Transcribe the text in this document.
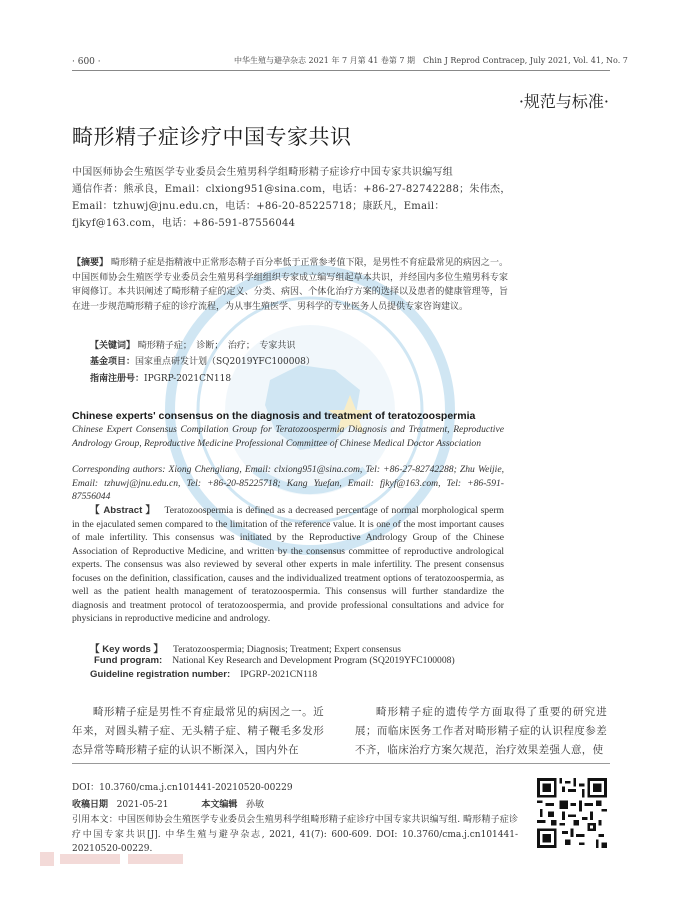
· 600 ·	中华生殖与避孕杂志 2021 年 7 月第 41 卷第 7 期　Chin J Reprod Contracep, July 2021, Vol. 41, No. 7
·规范与标准·
畸形精子症诊疗中国专家共识
中国医师协会生殖医学专业委员会生殖男科学组畸形精子症诊疗中国专家共识编写组
通信作者：熊承良，Email：clxiong951@sina.com，电话：+86-27-82742288；朱伟杰，Email：tzhuwj@jnu.edu.cn，电话：+86-20-85225718；康跃凡，Email：fjkyf@163.com，电话：+86-591-87556044
【摘要】 畸形精子症是指精液中正常形态精子百分率低于正常参考值下限，是男性不育症最常见的病因之一。中国医师协会生殖医学专业委员会生殖男科学组组织专家成立编写组起草本共识，并经国内多位生殖男科专家审阅修订。本共识阐述了畸形精子症的定义、分类、病因、个体化治疗方案的选择以及患者的健康管理等，旨在进一步规范畸形精子症的诊疗流程，为从事生殖医学、男科学的专业医务人员提供专家咨询建议。
【关键词】 畸形精子症；　诊断；　治疗；　专家共识
基金项目：国家重点研发计划（SQ2019YFC100008）
指南注册号：IPGRP-2021CN118
Chinese experts' consensus on the diagnosis and treatment of teratozoospermia
Chinese Expert Consensus Compilation Group for Teratozoospermia Diagnosis and Treatment, Reproductive Andrology Group, Reproductive Medicine Professional Committee of Chinese Medical Doctor Association
Corresponding authors: Xiong Chengliang, Email: clxiong951@sina.com, Tel: +86-27-82742288; Zhu Weijie, Email: tzhuwj@jnu.edu.cn, Tel: +86-20-85225718; Kang Yuefan, Email: fjkyf@163.com, Tel: +86-591-87556044
【 Abstract 】 Teratozoospermia is defined as a decreased percentage of normal morphological sperm in the ejaculated semen compared to the limitation of the reference value. It is one of the most important causes of male infertility. This consensus was initiated by the Reproductive Andrology Group of the Chinese Association of Reproductive Medicine, and written by the consensus committee of reproductive andrological experts. The consensus was also reviewed by several other experts in male infertility. The present consensus focuses on the definition, classification, causes and the individualized treatment options of teratozoospermia, as well as the patient health management of teratozoospermia. This consensus will further standardize the diagnosis and treatment protocol of teratozoospermia, and provide professional consultations and advice for physicians in reproductive medicine and andrology.
【 Key words 】 Teratozoospermia; Diagnosis; Treatment; Expert consensus
Fund program: National Key Research and Development Program (SQ2019YFC100008)
Guideline registration number: IPGRP-2021CN118
畸形精子症是男性不育症最常见的病因之一。近年来，对圆头精子症、无头精子症、精子鞭毛多发形态异常等畸形精子症的认识不断深入，国内外在
畸形精子症的遗传学方面取得了重要的研究进展；而临床医务工作者对畸形精子症的认识程度参差不齐，临床治疗方案欠规范，治疗效果差强人意，使
DOI：10.3760/cma.j.cn101441-20210520-00229
收稿日期 2021-05-21	本文编辑 孙敏
引用本文：中国医师协会生殖医学专业委员会生殖男科学组畸形精子症诊疗中国专家共识编写组. 畸形精子症诊疗中国专家共识[J]. 中华生殖与避孕杂志, 2021, 41(7): 600-609. DOI: 10.3760/cma.j.cn101441-20210520-00229.
